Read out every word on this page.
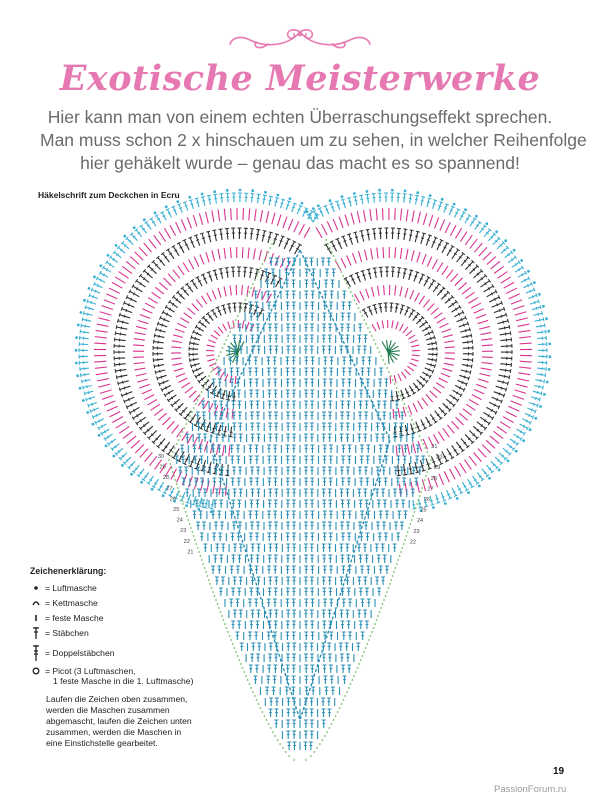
Exotische Meisterwerke
Hier kann man von einem echten Überraschungseffekt sprechen.
Man muss schon 2 x hinschauen um zu sehen, in welcher Reihenfolge
hier gehäkelt wurde – genau das macht es so spannend!
Häkelschrift zum Deckchen in Ecru
30
29
28
27
26
25
24
23
22
21
31
30
29
28
27
26
25
24
23
22
Zeichenerklärung:
= Luftmasche
= Kettmasche
= feste Masche
= Stäbchen
= Doppelstäbchen
= Picot (3 Luftmaschen,
1 feste Masche in die 1. Luftmasche)
Laufen die Zeichen oben zusammen,
werden die Maschen zusammen
abgemascht, laufen die Zeichen unten
zusammen, werden die Maschen in
eine Einstichstelle gearbeitet.
19
PassionForum.ru
